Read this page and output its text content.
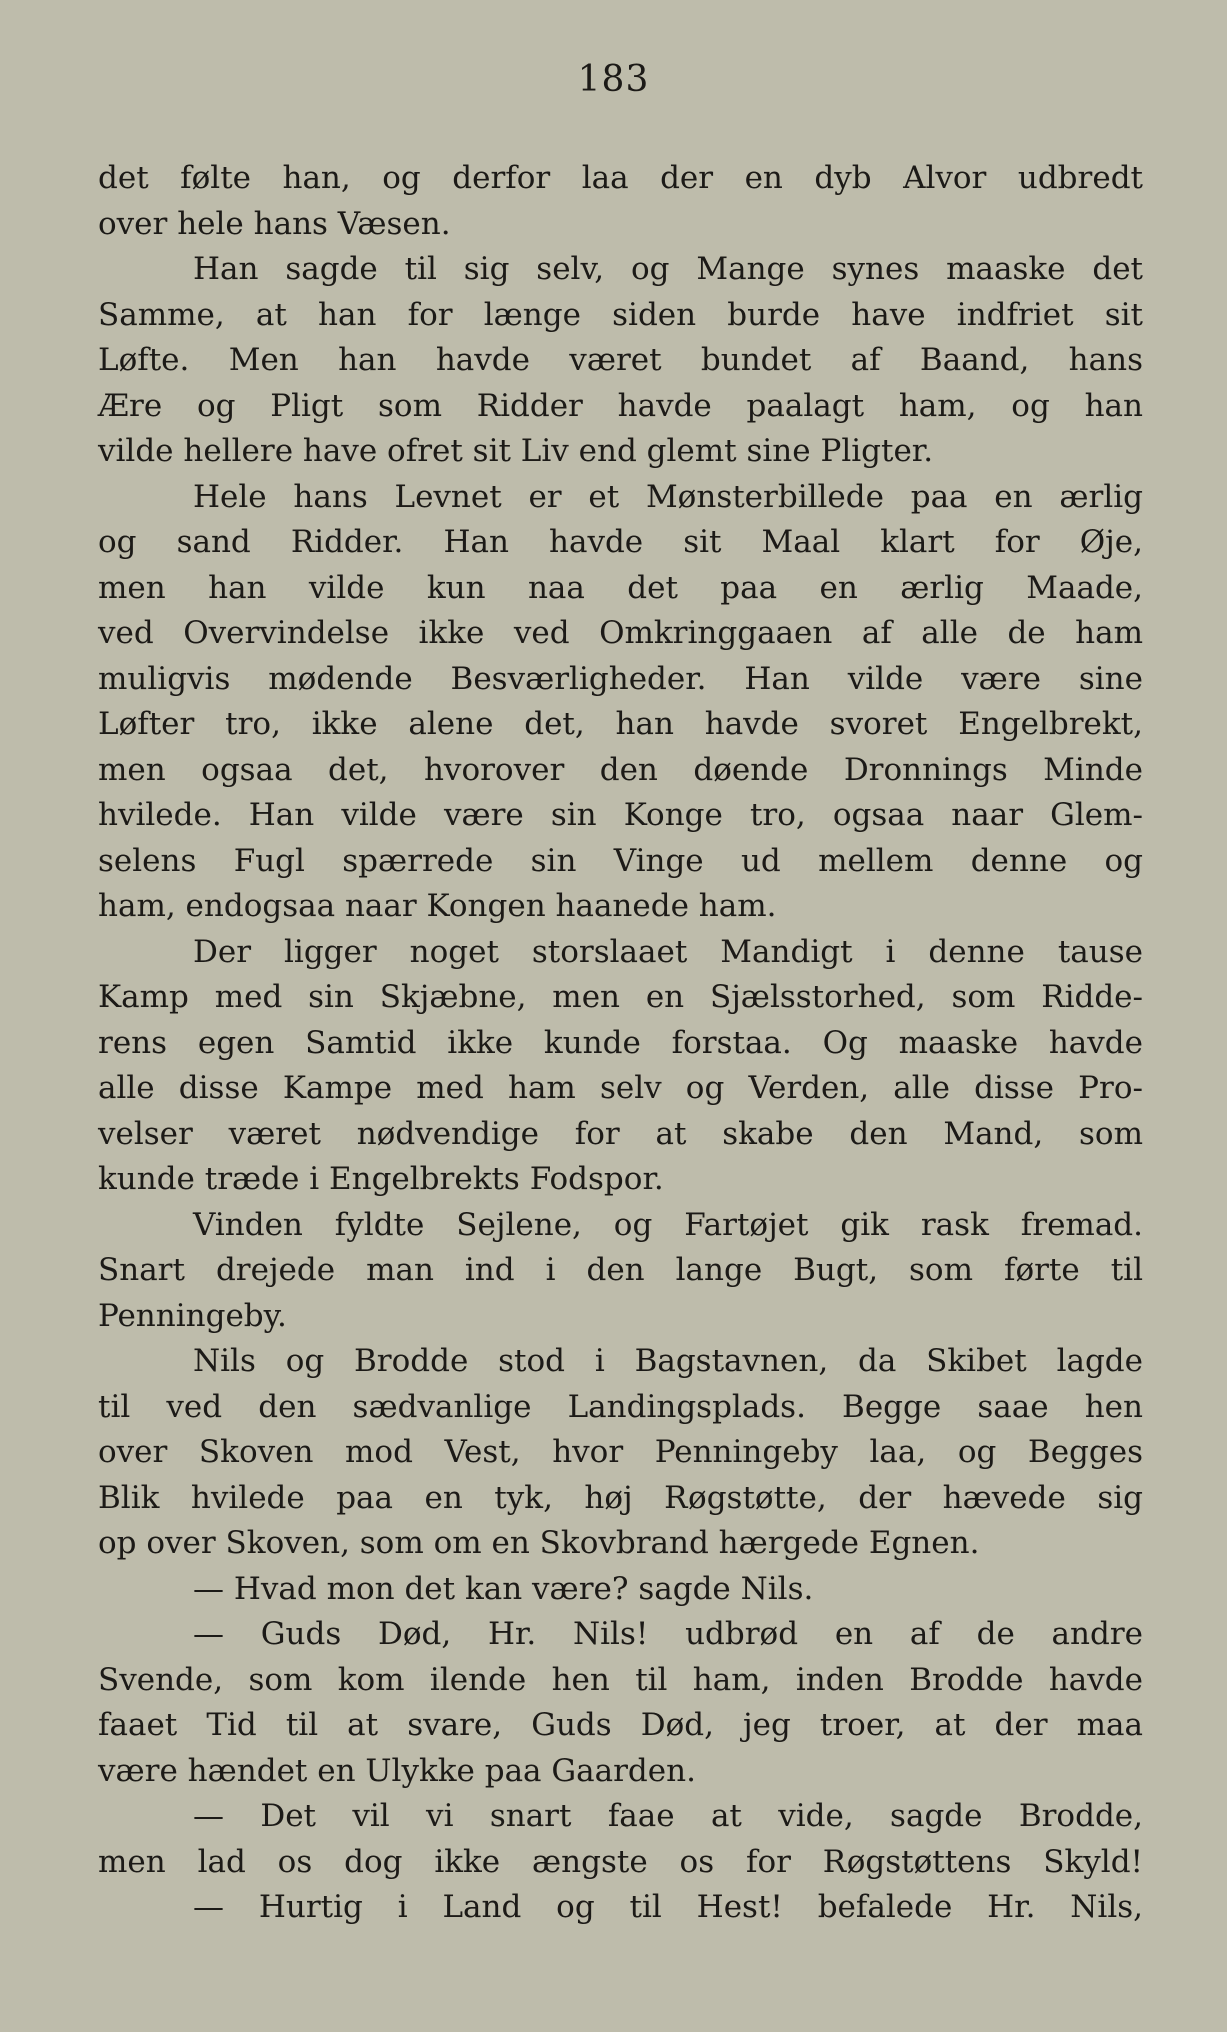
183
det følte han, og derfor laa der en dyb Alvor udbredt
over hele hans Væsen.
Han sagde til sig selv, og Mange synes maaske det
Samme, at han for længe siden burde have indfriet sit
Løfte. Men han havde været bundet af Baand, hans
Ære og Pligt som Ridder havde paalagt ham, og han
vilde hellere have ofret sit Liv end glemt sine Pligter.
Hele hans Levnet er et Mønsterbillede paa en ærlig
og sand Ridder. Han havde sit Maal klart for Øje,
men han vilde kun naa det paa en ærlig Maade,
ved Overvindelse ikke ved Omkringgaaen af alle de ham
muligvis mødende Besværligheder. Han vilde være sine
Løfter tro, ikke alene det, han havde svoret Engelbrekt,
men ogsaa det, hvorover den døende Dronnings Minde
hvilede. Han vilde være sin Konge tro, ogsaa naar Glem-
selens Fugl spærrede sin Vinge ud mellem denne og
ham, endogsaa naar Kongen haanede ham.
Der ligger noget storslaaet Mandigt i denne tause
Kamp med sin Skjæbne, men en Sjælsstorhed, som Ridde-
rens egen Samtid ikke kunde forstaa. Og maaske havde
alle disse Kampe med ham selv og Verden, alle disse Pro-
velser været nødvendige for at skabe den Mand, som
kunde træde i Engelbrekts Fodspor.
Vinden fyldte Sejlene, og Fartøjet gik rask fremad.
Snart drejede man ind i den lange Bugt, som førte til
Penningeby.
Nils og Brodde stod i Bagstavnen, da Skibet lagde
til ved den sædvanlige Landingsplads. Begge saae hen
over Skoven mod Vest, hvor Penningeby laa, og Begges
Blik hvilede paa en tyk, høj Røgstøtte, der hævede sig
op over Skoven, som om en Skovbrand hærgede Egnen.
— Hvad mon det kan være? sagde Nils.
— Guds Død, Hr. Nils! udbrød en af de andre
Svende, som kom ilende hen til ham, inden Brodde havde
faaet Tid til at svare, Guds Død, jeg troer, at der maa
være hændet en Ulykke paa Gaarden.
— Det vil vi snart faae at vide, sagde Brodde,
men lad os dog ikke ængste os for Røgstøttens Skyld!
— Hurtig i Land og til Hest! befalede Hr. Nils,
